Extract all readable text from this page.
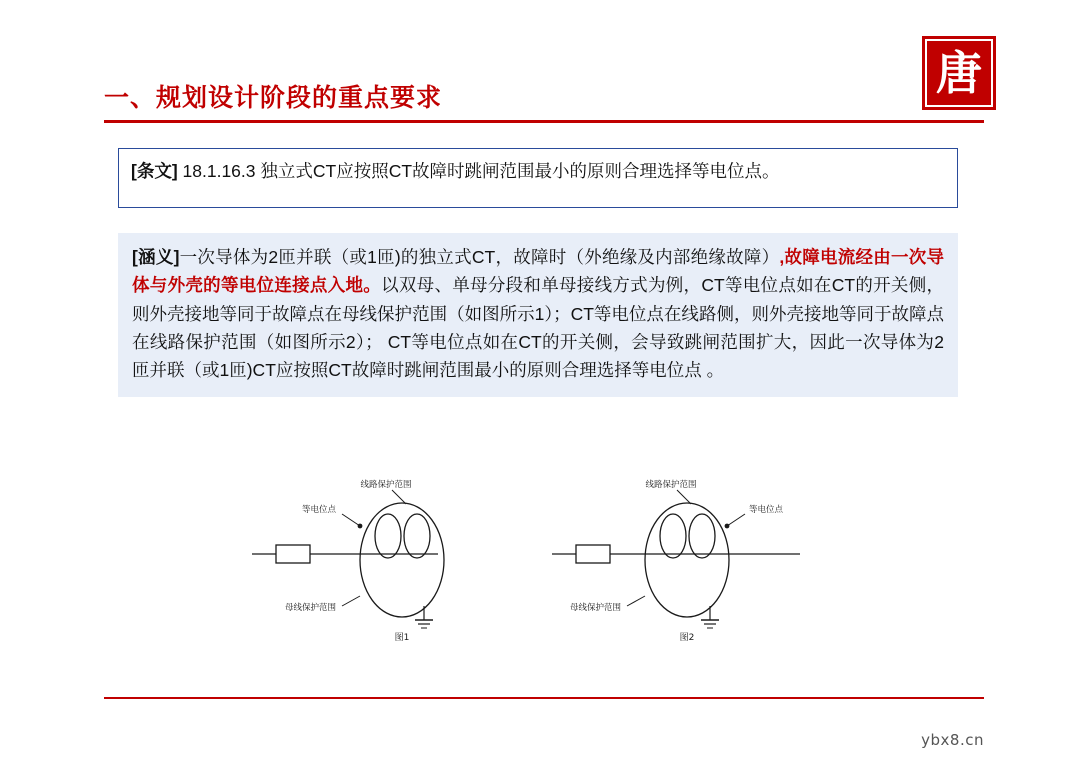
唐
一、规划设计阶段的重点要求
[条文] 18.1.16.3 独立式CT应按照CT故障时跳闸范围最小的原则合理选择等电位点。
[涵义]一次导体为2匝并联（或1匝)的独立式CT，故障时（外绝缘及内部绝缘故障）,故障电流经由一次导体与外壳的等电位连接点入地。以双母、单母分段和单母接线方式为例，CT等电位点如在CT的开关侧，则外壳接地等同于故障点在母线保护范围（如图所示1）；CT等电位点在线路侧，则外壳接地等同于故障点在线路保护范围（如图所示2）； CT等电位点如在CT的开关侧，会导致跳闸范围扩大，因此一次导体为2匝并联（或1匝)CT应按照CT故障时跳闸范围最小的原则合理选择等电位点 。
线路保护范围
等电位点
母线保护范围
图1
线路保护范围
等电位点
母线保护范围
图2
ybx8.cn
